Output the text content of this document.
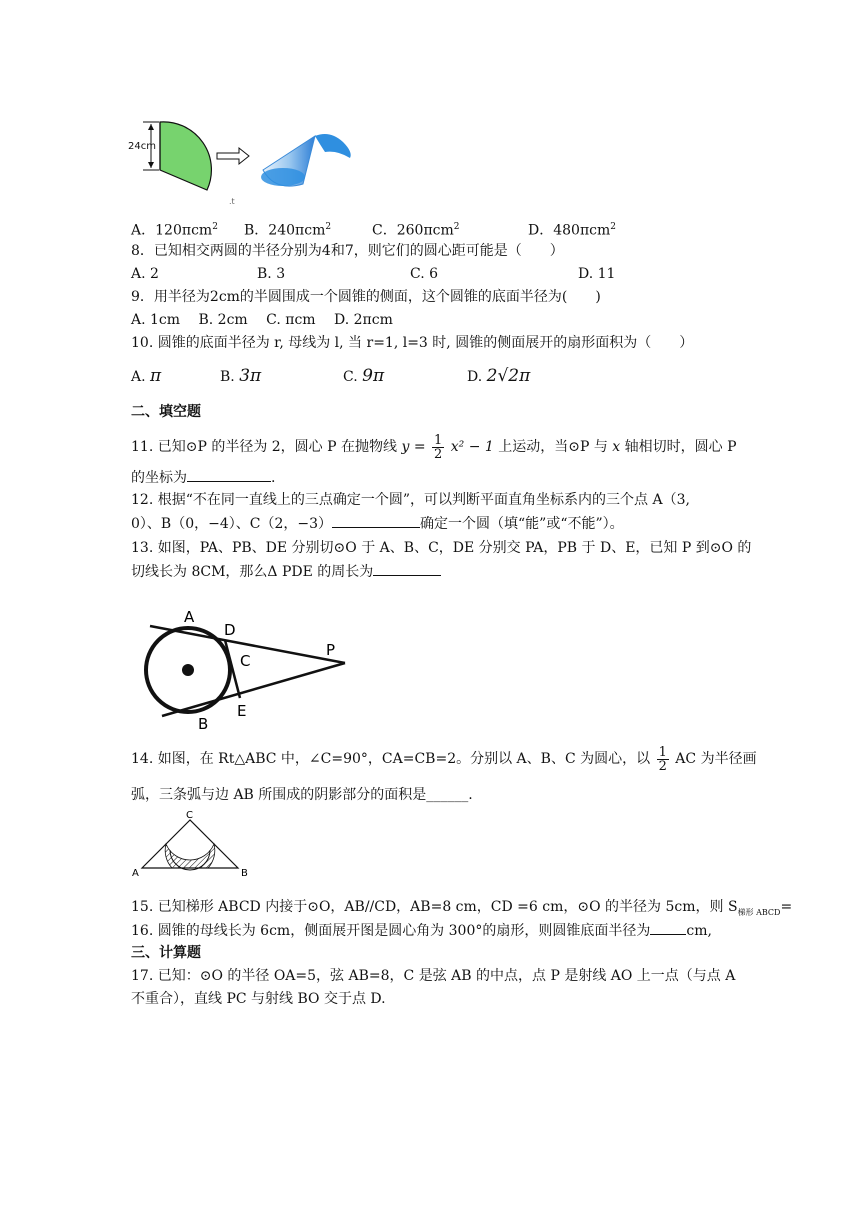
24cm
.t
A．120πcm$^2$ B．240πcm$^2$	C．260πcm$^2$	D．480πcm$^2$
8．已知相交两圆的半径分别为4和7，则它们的圆心距可能是（　　）
A. 2	B. 3	C. 6	D. 11
9．用半径为2cm的半圆围成一个圆锥的侧面，这个圆锥的底面半径为(　　)
A. 1cm　 B. 2cm　 C. πcm　 D. 2πcm
10. 圆锥的底面半径为 r, 母线为 l, 当 r=1, l=3 时, 圆锥的侧面展开的扇形面积为（　　）
A. π	B. 3π	C. 9π	D. 2√2π
二、填空题
11. 已知⊙P 的半径为 2，圆心 P 在抛物线 $y = \frac{1}{2} x^2 - 1$ 上运动，当⊙P 与 x 轴相切时，圆心 P
的坐标为	.
12. 根据“不在同一直线上的三点确定一个圆”，可以判断平面直角坐标系内的三个点 A（3,
0）、B（0，−4）、C（2，−3）	确定一个圆（填“能”或“不能”）。
13. 如图，PA、PB、DE 分别切⊙O 于 A、B、C，DE 分别交 PA，PB 于 D、E，已知 P 到⊙O 的
切线长为 8CM，那么Δ PDE 的周长为
A
D
C
P
B
E
14. 如图，在 Rt△ABC 中，∠C=90°，CA=CB=2。分别以 A、B、C 为圆心，以 $\frac{1}{2}$ AC 为半径画
弧，三条弧与边 AB 所围成的阴影部分的面积是______.
C
A	B
15. 已知梯形 ABCD 内接于⊙O，AB//CD，AB=8 cm，CD =6 cm，⊙O 的半径为 5cm，则 $S_{梯形 ABCD}=$
16. 圆锥的母线长为 6cm，侧面展开图是圆心角为 300°的扇形，则圆锥底面半径为	cm,
三、计算题
17. 已知：⊙O 的半径 OA=5，弦 AB=8，C 是弦 AB 的中点，点 P 是射线 AO 上一点（与点 A
不重合），直线 PC 与射线 BO 交于点 D.
